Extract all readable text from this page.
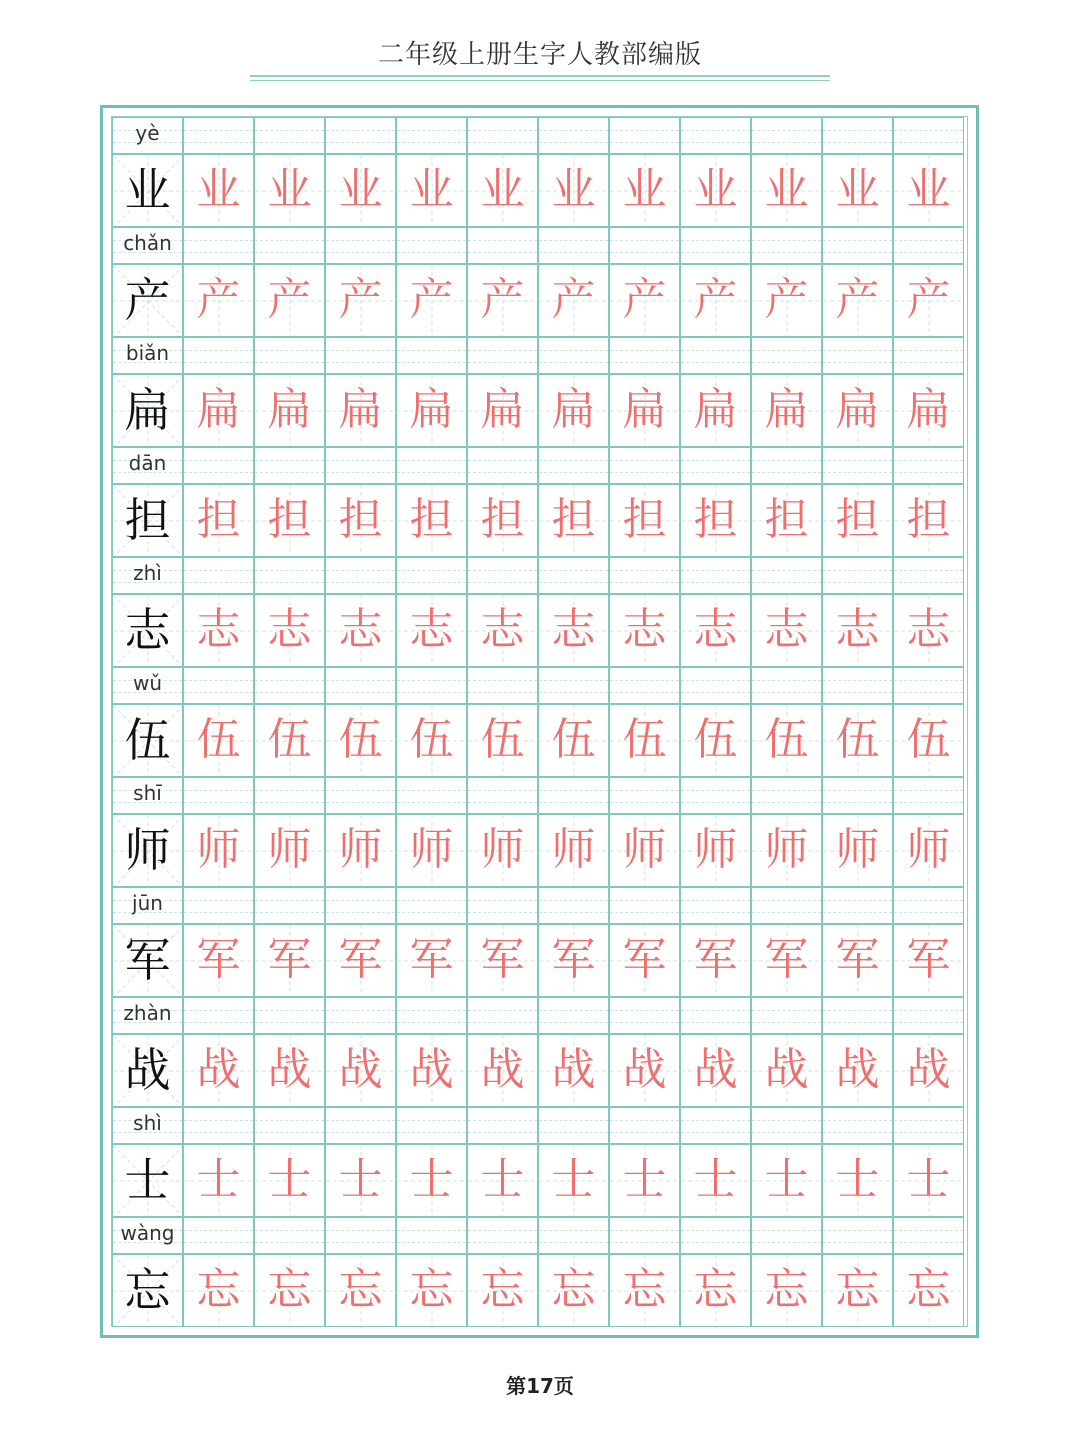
二年级上册生字人教部编版
yè
业 业 业 业 业 业 业 业 业 业 业 业
chǎn
产 产 产 产 产 产 产 产 产 产 产 产
biǎn
扁 扁 扁 扁 扁 扁 扁 扁 扁 扁 扁 扁
dān
担 担 担 担 担 担 担 担 担 担 担 担
zhì
志 志 志 志 志 志 志 志 志 志 志 志
wǔ
伍 伍 伍 伍 伍 伍 伍 伍 伍 伍 伍 伍
shī
师 师 师 师 师 师 师 师 师 师 师 师
jūn
军 军 军 军 军 军 军 军 军 军 军 军
zhàn
战 战 战 战 战 战 战 战 战 战 战 战
shì
士 士 士 士 士 士 士 士 士 士 士 士
wàng
忘 忘 忘 忘 忘 忘 忘 忘 忘 忘 忘 忘
第17页
